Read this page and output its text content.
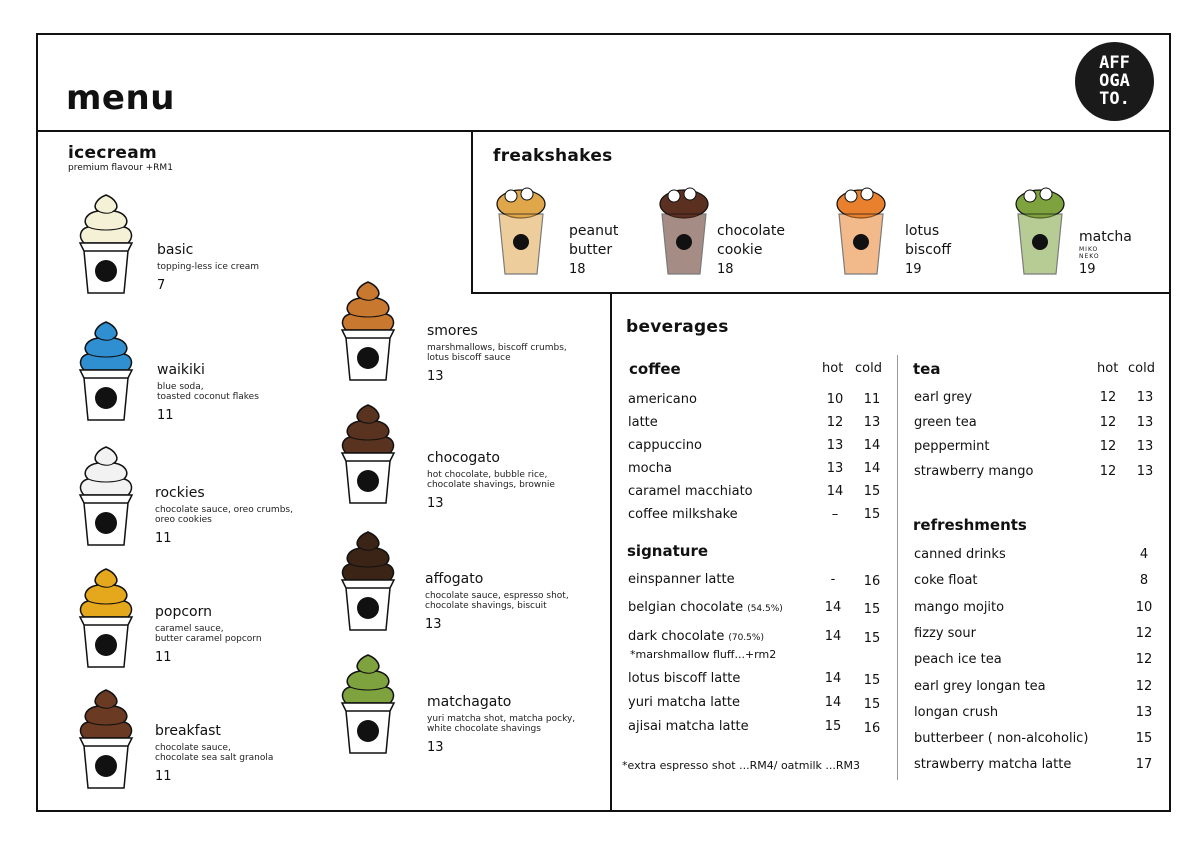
menu
AFF
OGA
TO.
icecream
premium flavour +RM1
basic
topping-less ice cream
7
waikiki
blue soda,
toasted coconut flakes
11
rockies
chocolate sauce, oreo crumbs,
oreo cookies
11
popcorn
caramel sauce,
butter caramel popcorn
11
breakfast
chocolate sauce,
chocolate sea salt granola
11
smores
marshmallows, biscoff crumbs,
lotus biscoff sauce
13
chocogato
hot chocolate, bubble rice,
chocolate shavings, brownie
13
affogato
chocolate sauce, espresso shot,
chocolate shavings, biscuit
13
matchagato
yuri matcha shot, matcha pocky,
white chocolate shavings
13
freakshakes
peanut
butter
18
chocolate
cookie
18
lotus
biscoff
19
matcha
MIKO NEKO
19
beverages
coffee	hot cold
americano	10	11
latte	12	13
cappuccino	13	14
mocha	13	14
caramel macchiato	14	15
coffee milkshake	–	15
signature
einspanner latte	-	16
belgian chocolate (54.5%)	14	15
dark chocolate (70.5%)	14	15
lotus biscoff latte	14	15
yuri matcha latte	14	15
ajisai matcha latte	15	16
*marshmallow fluff...+rm2
*extra espresso shot ...RM4/ oatmilk ...RM3
tea	hot cold
earl grey	12	13
green tea	12	13
peppermint	12	13
strawberry mango	12	13
refreshments
canned drinks	4
coke float	8
mango mojito	10
fizzy sour	12
peach ice tea	12
earl grey longan tea	12
longan crush	13
butterbeer ( non-alcoholic)	15
strawberry matcha latte	17
